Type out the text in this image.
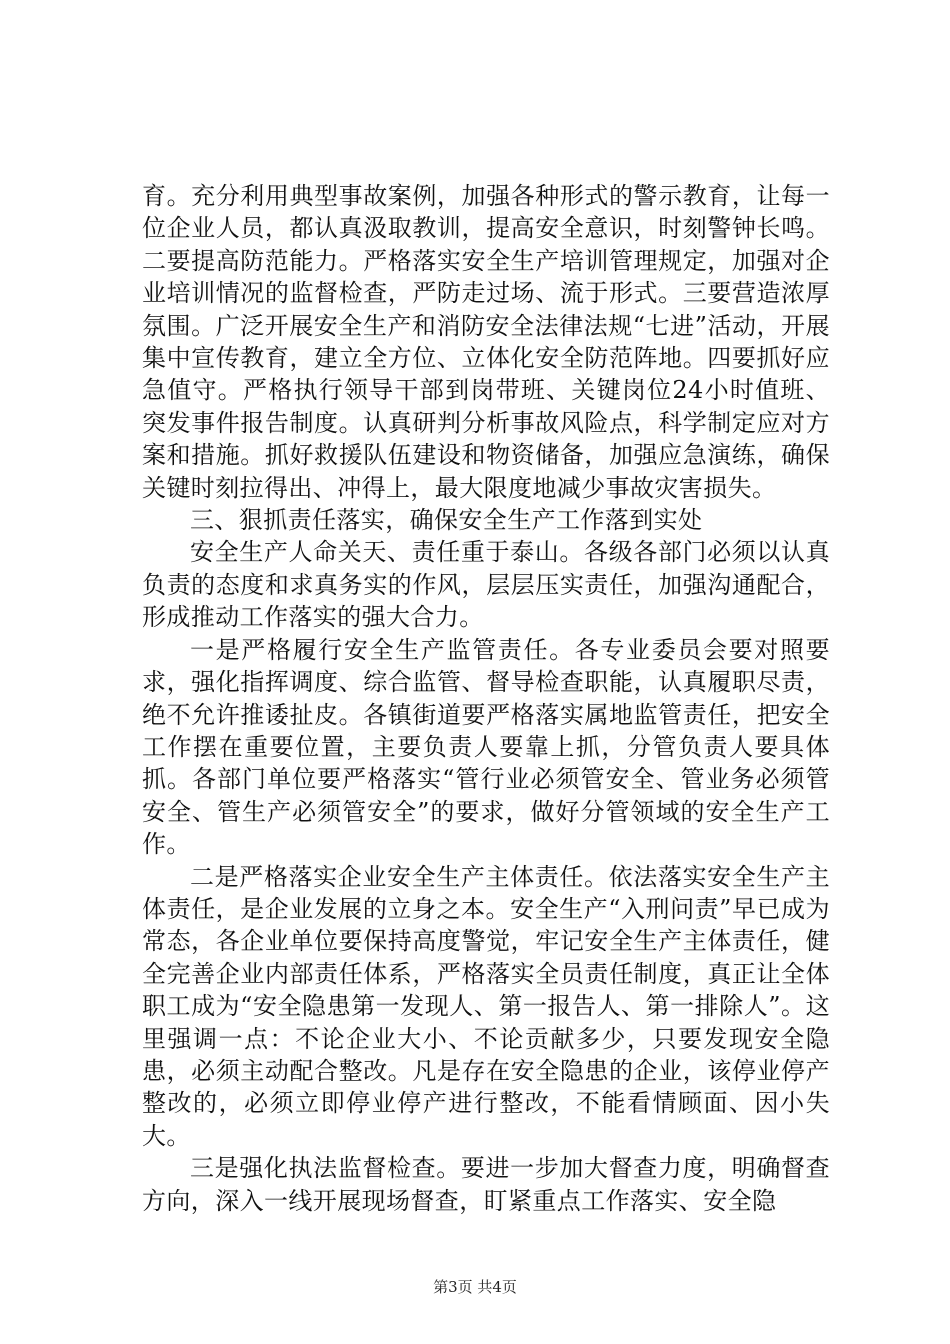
育。充分利用典型事故案例，加强各种形式的警示教育，让每一位企业人员，都认真汲取教训，提高安全意识，时刻警钟长鸣。二要提高防范能力。严格落实安全生产培训管理规定，加强对企业培训情况的监督检查，严防走过场、流于形式。三要营造浓厚氛围。广泛开展安全生产和消防安全法律法规“七进”活动，开展集中宣传教育，建立全方位、立体化安全防范阵地。四要抓好应急值守。严格执行领导干部到岗带班、关键岗位24小时值班、突发事件报告制度。认真研判分析事故风险点，科学制定应对方案和措施。抓好救援队伍建设和物资储备，加强应急演练，确保关键时刻拉得出、冲得上，最大限度地减少事故灾害损失。

三、狠抓责任落实，确保安全生产工作落到实处

安全生产人命关天、责任重于泰山。各级各部门必须以认真负责的态度和求真务实的作风，层层压实责任，加强沟通配合，形成推动工作落实的强大合力。

一是严格履行安全生产监管责任。各专业委员会要对照要求，强化指挥调度、综合监管、督导检查职能，认真履职尽责，绝不允许推诿扯皮。各镇街道要严格落实属地监管责任，把安全工作摆在重要位置，主要负责人要靠上抓，分管负责人要具体抓。各部门单位要严格落实“管行业必须管安全、管业务必须管安全、管生产必须管安全”的要求，做好分管领域的安全生产工作。

二是严格落实企业安全生产主体责任。依法落实安全生产主体责任，是企业发展的立身之本。安全生产“入刑问责”早已成为常态，各企业单位要保持高度警觉，牢记安全生产主体责任，健全完善企业内部责任体系，严格落实全员责任制度，真正让全体职工成为“安全隐患第一发现人、第一报告人、第一排除人”。这里强调一点：不论企业大小、不论贡献多少，只要发现安全隐患，必须主动配合整改。凡是存在安全隐患的企业，该停业停产整改的，必须立即停业停产进行整改，不能看情顾面、因小失大。

三是强化执法监督检查。要进一步加大督查力度，明确督查方向，深入一线开展现场督查，盯紧重点工作落实、安全隐

第3页 共4页
